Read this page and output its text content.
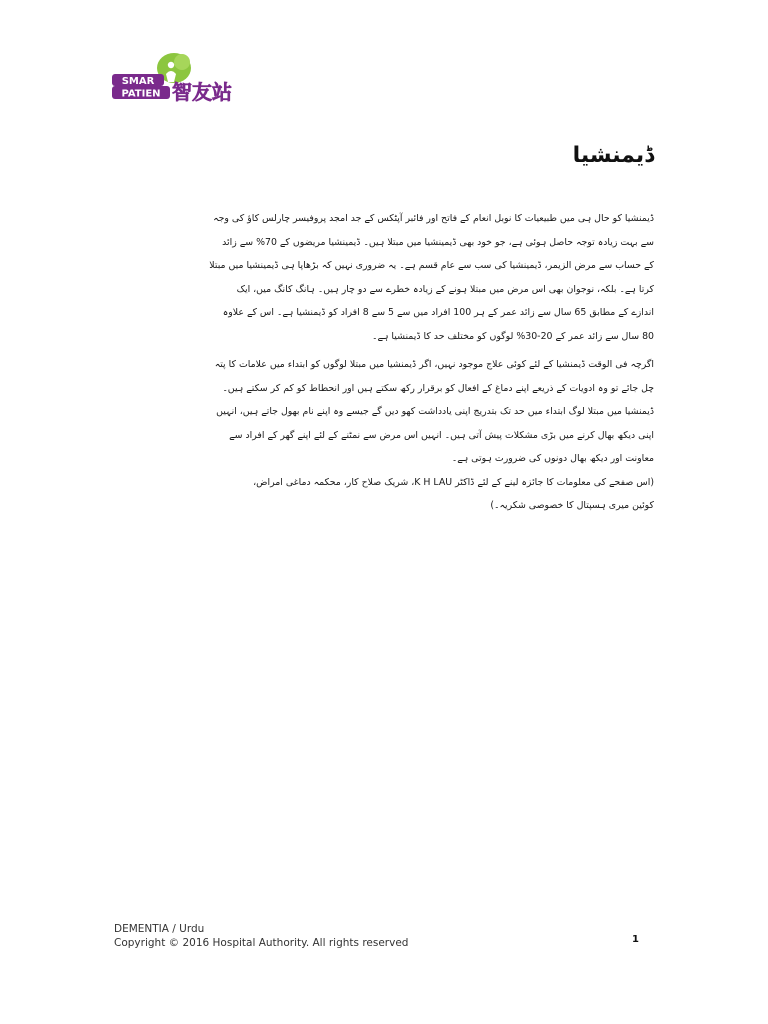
SMAR
PATIEN 智友站
ڈیمنشیا
ڈیمنشیا کو حال ہی میں طبیعیات کا نوبل انعام کے فاتح اور فائبر آپٹکس کے جد امجد پروفیسر چارلس کاؤ کی وجہ
سے بہت زیادہ توجہ حاصل ہوئی ہے، جو خود بھی ڈیمینشیا میں مبتلا ہیں۔ ڈیمینشیا مریضوں کے 70% سے زائد
کے حساب سے مرض الزیمر، ڈیمینشیا کی سب سے عام قسم ہے۔ یہ ضروری نہیں کہ بڑھاپا ہی ڈیمینشیا میں مبتلا
کرتا ہے۔ بلکہ، نوجوان بھی اس مرض میں مبتلا ہونے کے زیادہ خطرے سے دو چار ہیں۔ ہانگ کانگ میں، ایک
اندازے کے مطابق 65 سال سے زائد عمر کے ہر 100 افراد میں سے 5 سے 8 افراد کو ڈیمنشیا ہے۔ اس کے علاوہ
80 سال سے زائد عمر کے 20-30% لوگوں کو مختلف حد کا ڈیمنشیا ہے۔
اگرچہ فی الوقت ڈیمنشیا کے لئے کوئی علاج موجود نہیں، اگر ڈیمنشیا میں مبتلا لوگوں کو ابتداء میں علامات کا پتہ
چل جائے تو وہ ادویات کے ذریعے اپنے دماغ کے افعال کو برقرار رکھ سکتے ہیں اور انحطاط کو کم کر سکتے ہیں۔
ڈیمنشیا میں مبتلا لوگ ابتداء میں حد تک بتدریج اپنی یادداشت کھو دیں گے جیسے وہ اپنے نام بھول جاتے ہیں، انہیں
اپنی دیکھ بھال کرنے میں بڑی مشکلات پیش آتی ہیں۔ انہیں اس مرض سے نمٹنے کے لئے اپنے گھر کے افراد سے
معاونت اور دیکھ بھال دونوں کی ضرورت ہوتی ہے۔
(اس صفحے کی معلومات کا جائزہ لینے کے لئے ڈاکٹر K H LAU، شریک صلاح کار، محکمہ دماغی امراض،
کوئین میری ہسپتال کا خصوصی شکریہ۔)
DEMENTIA / Urdu
Copyright © 2016 Hospital Authority. All rights reserved	1
